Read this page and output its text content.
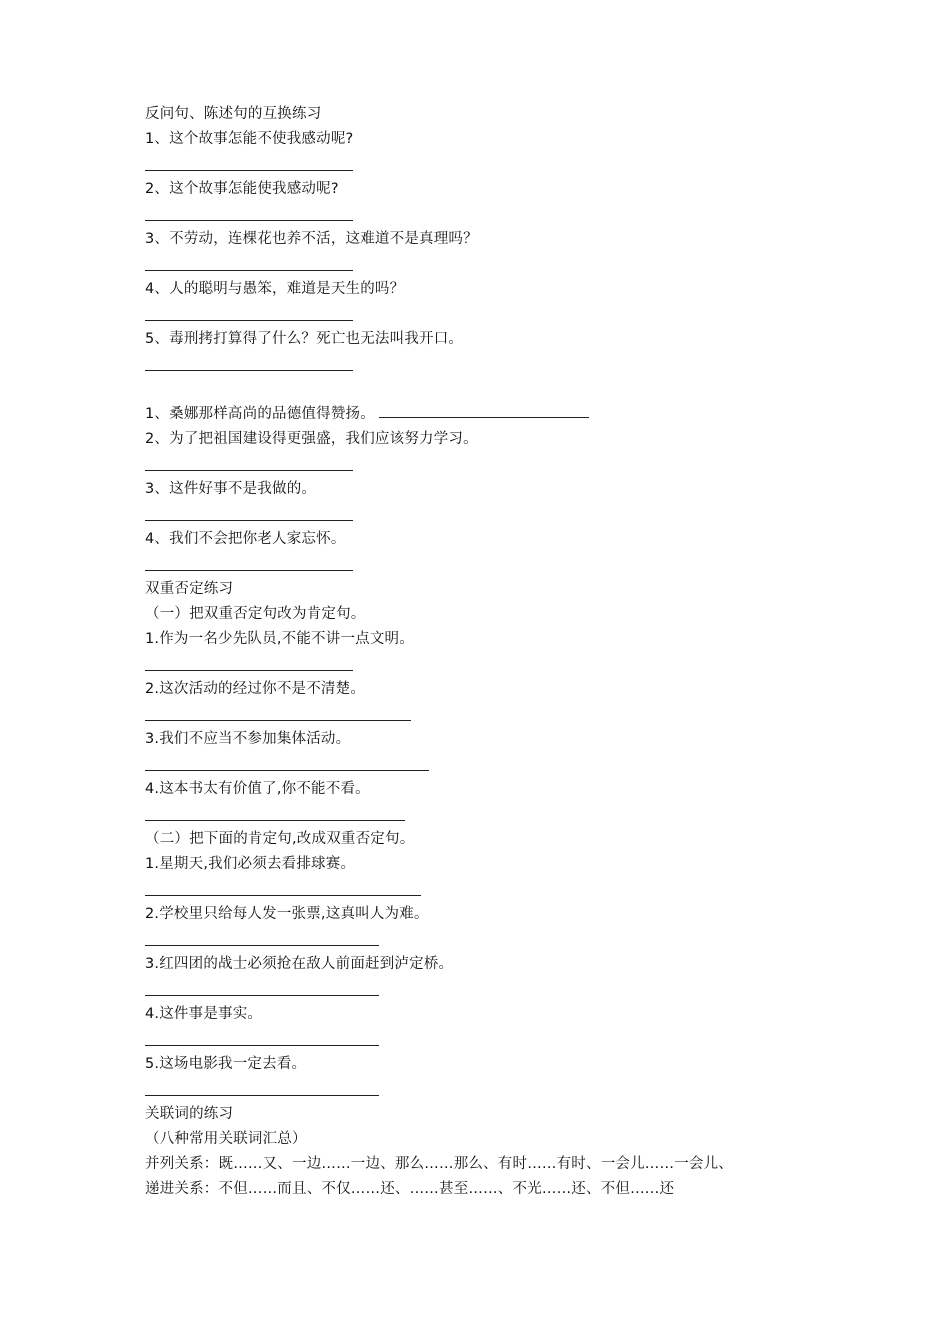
反问句、陈述句的互换练习
1、这个故事怎能不使我感动呢?
2、这个故事怎能使我感动呢?
3、不劳动，连棵花也养不活，这难道不是真理吗？
4、人的聪明与愚笨，难道是天生的吗？
5、毒刑拷打算得了什么？死亡也无法叫我开口。
1、桑娜那样高尚的品德值得赞扬。
2、为了把祖国建设得更强盛，我们应该努力学习。
3、这件好事不是我做的。
4、我们不会把你老人家忘怀。
双重否定练习
（一）把双重否定句改为肯定句。
1.作为一名少先队员,不能不讲一点文明。
2.这次活动的经过你不是不清楚。
3.我们不应当不参加集体活动。
4.这本书太有价值了,你不能不看。
（二）把下面的肯定句,改成双重否定句。
1.星期天,我们必须去看排球赛。
2.学校里只给每人发一张票,这真叫人为难。
3.红四团的战士必须抢在敌人前面赶到泸定桥。
4.这件事是事实。
5.这场电影我一定去看。
关联词的练习
（八种常用关联词汇总）
并列关系：既……又、一边……一边、那么……那么、有时……有时、一会儿……一会儿、
递进关系：不但……而且、不仅……还、……甚至……、不光……还、不但……还
